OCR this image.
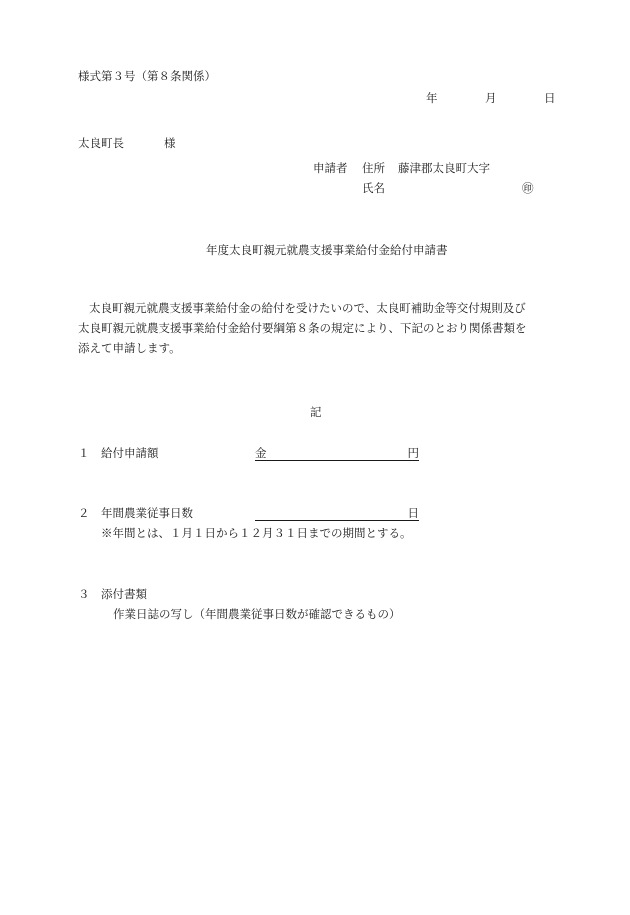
様式第３号（第８条関係）
年	月	日
太良町長	様
申請者 住所 藤津郡太良町大字
氏名	㊞
年度太良町親元就農支援事業給付金給付申請書
太良町親元就農支援事業給付金の給付を受けたいので、太良町補助金等交付規則及び
太良町親元就農支援事業給付金給付要綱第８条の規定により、下記のとおり関係書類を
添えて申請します。
記
１ 給付申請額	金	円
２ 年間農業従事日数	日
※年間とは、１月１日から１２月３１日までの期間とする。
３ 添付書類
作業日誌の写し（年間農業従事日数が確認できるもの）
